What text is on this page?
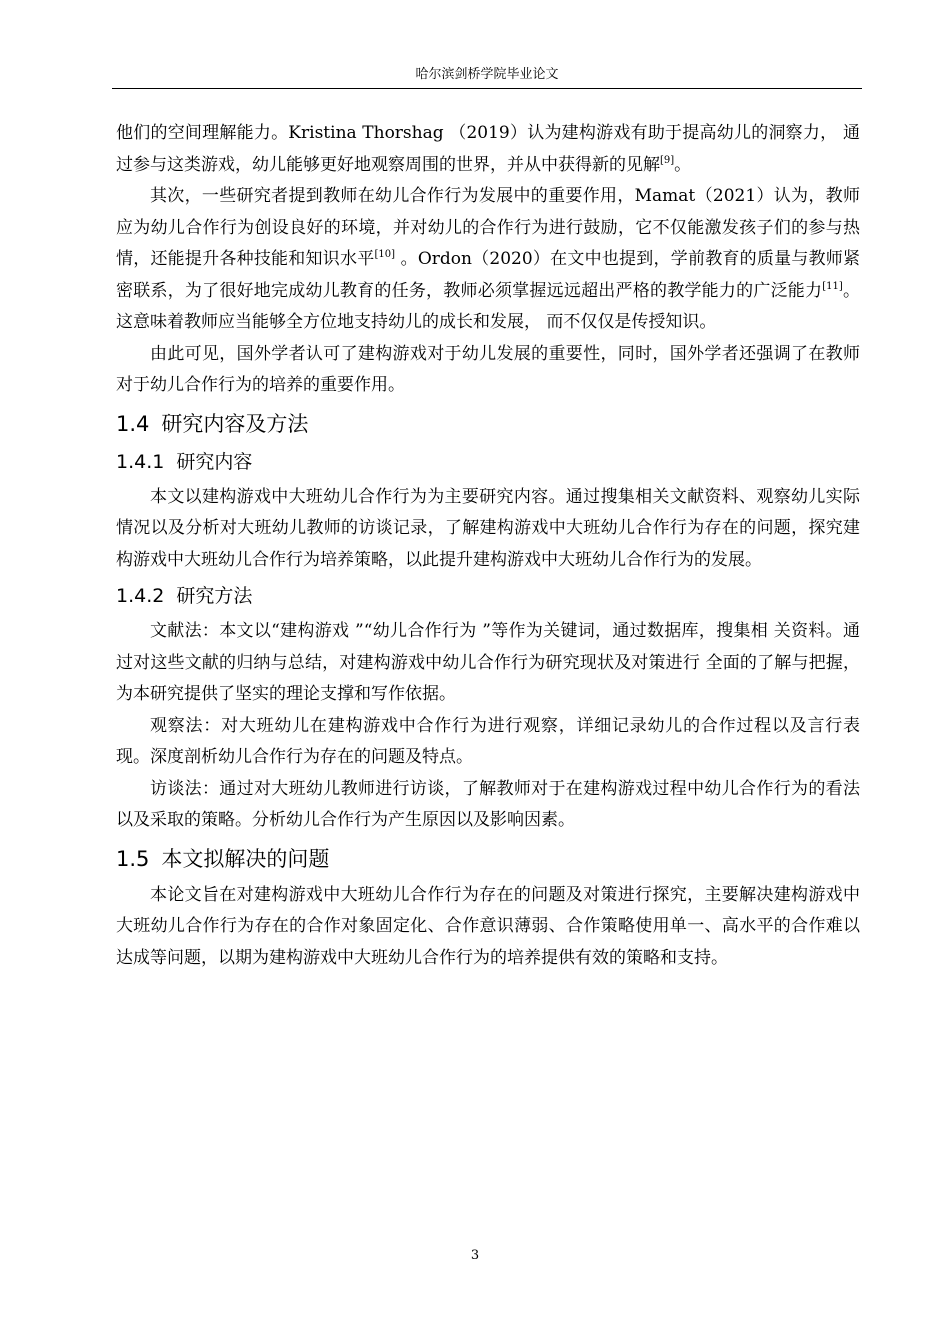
哈尔滨剑桥学院毕业论文

他们的空间理解能力。Kristina Thorshag （2019）认为建构游戏有助于提高幼儿的洞察力， 通过参与这类游戏，幼儿能够更好地观察周围的世界，并从中获得新的见解[9]。

其次，一些研究者提到教师在幼儿合作行为发展中的重要作用，Mamat（2021）认为，教师应为幼儿合作行为创设良好的环境，并对幼儿的合作行为进行鼓励，它不仅能激发孩子们的参与热情，还能提升各种技能和知识水平[10] 。Ordon（2020）在文中也提到，学前教育的质量与教师紧密联系，为了很好地完成幼儿教育的任务，教师必须掌握远远超出严格的教学能力的广泛能力[11]。这意味着教师应当能够全方位地支持幼儿的成长和发展， 而不仅仅是传授知识。

由此可见，国外学者认可了建构游戏对于幼儿发展的重要性，同时，国外学者还强调了在教师对于幼儿合作行为的培养的重要作用。

1.4 研究内容及方法
1.4.1 研究内容

本文以建构游戏中大班幼儿合作行为为主要研究内容。通过搜集相关文献资料、观察幼儿实际情况以及分析对大班幼儿教师的访谈记录，了解建构游戏中大班幼儿合作行为存在的问题，探究建构游戏中大班幼儿合作行为培养策略，以此提升建构游戏中大班幼儿合作行为的发展。

1.4.2 研究方法

文献法：本文以“建构游戏 ”“幼儿合作行为 ”等作为关键词，通过数据库，搜集相 关资料。通过对这些文献的归纳与总结，对建构游戏中幼儿合作行为研究现状及对策进行 全面的了解与把握，为本研究提供了坚实的理论支撑和写作依据。

观察法：对大班幼儿在建构游戏中合作行为进行观察，详细记录幼儿的合作过程以及言行表现。深度剖析幼儿合作行为存在的问题及特点。

访谈法：通过对大班幼儿教师进行访谈，了解教师对于在建构游戏过程中幼儿合作行为的看法以及采取的策略。分析幼儿合作行为产生原因以及影响因素。

1.5 本文拟解决的问题

本论文旨在对建构游戏中大班幼儿合作行为存在的问题及对策进行探究，主要解决建构游戏中大班幼儿合作行为存在的合作对象固定化、合作意识薄弱、合作策略使用单一、高水平的合作难以达成等问题，以期为建构游戏中大班幼儿合作行为的培养提供有效的策略和支持。

3
